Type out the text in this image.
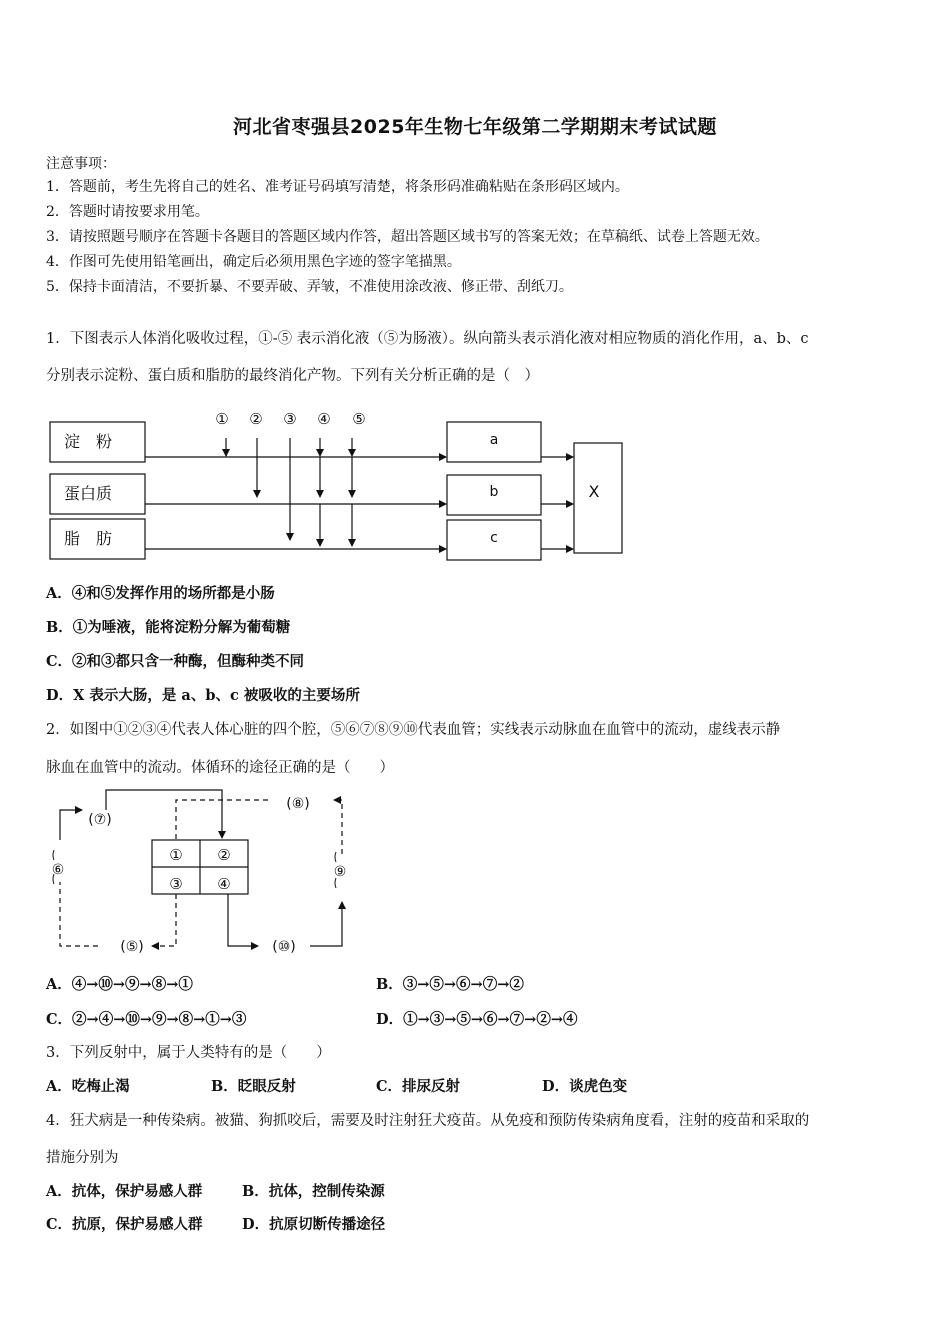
河北省枣强县2025年生物七年级第二学期期末考试试题
注意事项：
1．答题前，考生先将自己的姓名、准考证号码填写清楚，将条形码准确粘贴在条形码区域内。
2．答题时请按要求用笔。
3．请按照题号顺序在答题卡各题目的答题区域内作答，超出答题区域书写的答案无效；在草稿纸、试卷上答题无效。
4．作图可先使用铅笔画出，确定后必须用黑色字迹的签字笔描黑。
5．保持卡面清洁，不要折暴、不要弄破、弄皱，不准使用涂改液、修正带、刮纸刀。
1．下图表示人体消化吸收过程，①-⑤ 表示消化液（⑤为肠液）。纵向箭头表示消化液对相应物质的消化作用，a、b、c
分别表示淀粉、蛋白质和脂肪的最终消化产物。下列有关分析正确的是（　）
淀　粉
蛋白质
脂　肪
① ② ③ ④ ⑤
a
b
c
X
A．④和⑤发挥作用的场所都是小肠
B．①为唾液，能将淀粉分解为葡萄糖
C．②和③都只含一种酶，但酶种类不同
D．X 表示大肠，是 a、b、c 被吸收的主要场所
2．如图中①②③④代表人体心脏的四个腔，⑤⑥⑦⑧⑨⑩代表血管；实线表示动脉血在血管中的流动，虚线表示静
脉血在血管中的流动。体循环的途径正确的是（　　）
① ②
③ ④
(⑦)
(⑧)
⑥	⑨
(⑤)	(⑩)
A．④→⑩→⑨→⑧→①	B．③→⑤→⑥→⑦→②
C．②→④→⑩→⑨→⑧→①→③	D．①→③→⑤→⑥→⑦→②→④
3．下列反射中，属于人类特有的是（　　）
A．吃梅止渴	B．眨眼反射	C．排尿反射	D．谈虎色变
4．狂犬病是一种传染病。被猫、狗抓咬后，需要及时注射狂犬疫苗。从免疫和预防传染病角度看，注射的疫苗和采取的
措施分别为
A．抗体，保护易感人群	B．抗体，控制传染源
C．抗原，保护易感人群	D．抗原切断传播途径
